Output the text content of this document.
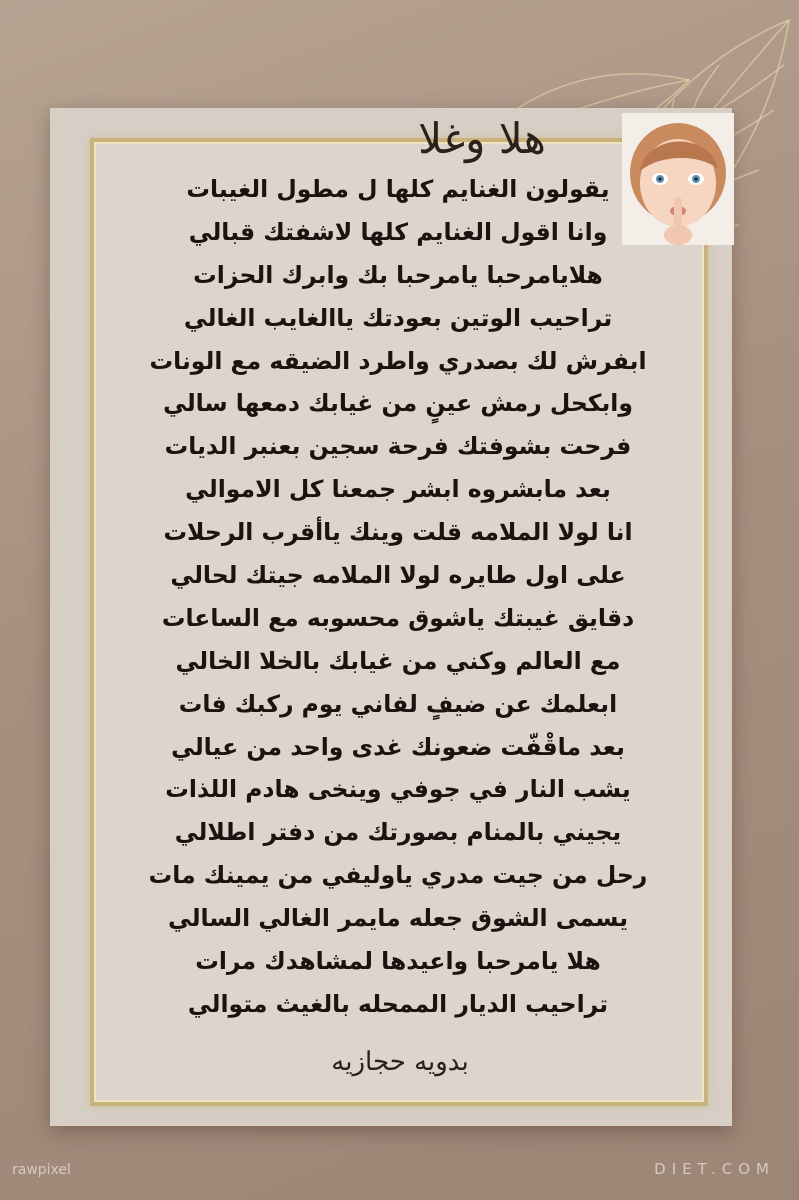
هلا وغلا
يقولون الغنايم كلها ل مطول الغيبات
وانا اقول الغنايم كلها لاشفتك قبالي
هلايامرحبا يامرحبا بك وابرك الحزات
تراحيب الوتين بعودتك ياالغايب الغالي
ابفرش لك بصدري واطرد الضيقه مع الونات
وابكحل رمش عينٍ من غيابك دمعها سالي
فرحت بشوفتك فرحة سجين بعنبر الديات
بعد مابشروه ابشر جمعنا كل الاموالي
انا لولا الملامه قلت وينك ياأقرب الرحلات
على اول طايره لولا الملامه جيتك لحالي
دقايق غيبتك ياشوق محسوبه مع الساعات
مع العالم وكني من غيابك بالخلا الخالي
ابعلمك عن ضيفٍ لفاني يوم ركبك فات
بعد ماقْفّت ضعونك غدى واحد من عيالي
يشب النار في جوفي وينخى هادم اللذات
يجيني بالمنام بصورتك من دفتر اطلالي
رحل من جيت مدري ياوليفي من يمينك مات
يسمى الشوق جعله مايمر الغالي السالي
هلا يامرحبا واعيدها لمشاهدك مرات
تراحيب الديار الممحله بالغيث متوالي
بدويه حجازيه
rawpixel	DIET.COM
